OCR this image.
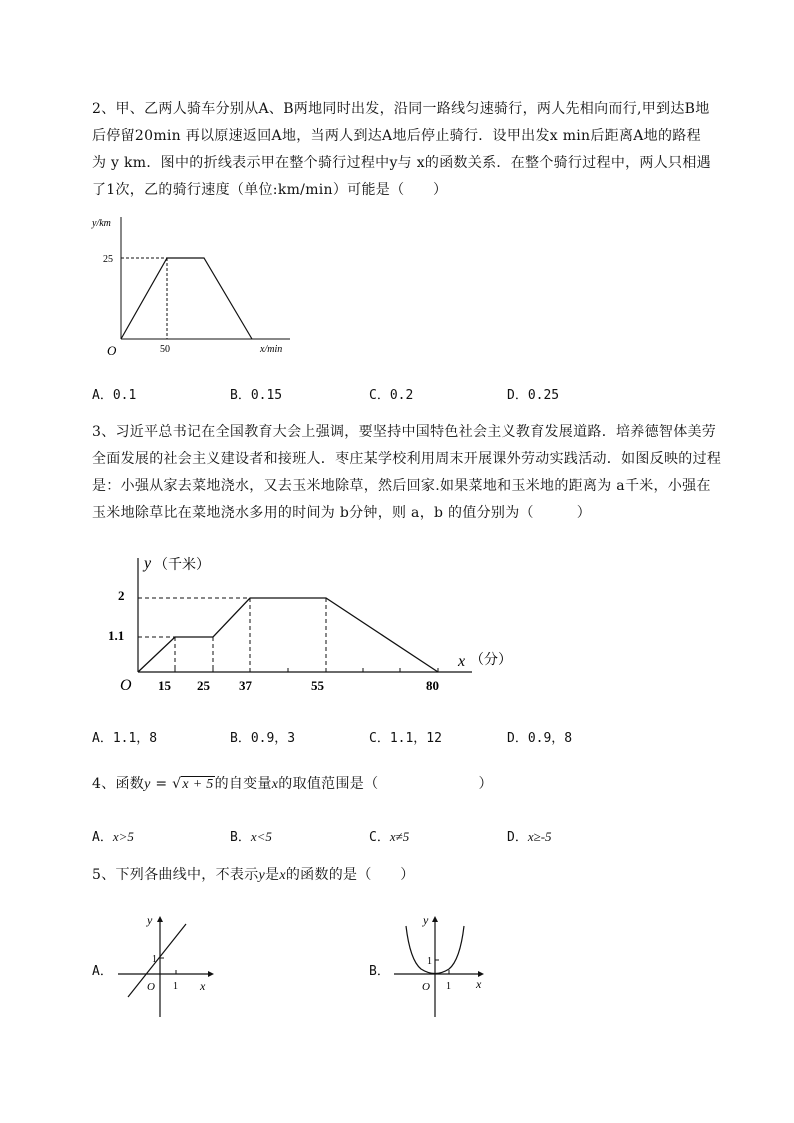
2、甲、乙两人骑车分别从A、B两地同时出发，沿同一路线匀速骑行，两人先相向而行,甲到达B地
后停留20min 再以原速返回A地，当两人到达A地后停止骑行．设甲出发x min后距离A地的路程
为 y km．图中的折线表示甲在整个骑行过程中y与 x的函数关系．在整个骑行过程中，两人只相遇
了1次，乙的骑行速度（单位:km/min）可能是（　　）
y/km
x/min
O
25
50
A．0.1	B．0.15	C．0.2	D．0.25
3、习近平总书记在全国教育大会上强调，要坚持中国特色社会主义教育发展道路．培养德智体美劳
全面发展的社会主义建设者和接班人．枣庄某学校利用周末开展课外劳动实践活动．如图反映的过程
是：小强从家去菜地浇水，又去玉米地除草，然后回家.如果菜地和玉米地的距离为 a千米，小强在
玉米地除草比在菜地浇水多用的时间为 b分钟，则 a，b 的值分别为（　　　）
y （千米）
x （分）
O
2
1.1
15 25 37	55	80
A．1.1，8	B．0.9，3	C．1.1，12	D．0.9，8
4、函数y = √x + 5的自变量x的取值范围是（　　　　　　　）
A．x>5	B．x<5	C．x≠5	D．x≥-5
5、下列各曲线中，不表示y是x的函数的是（　　）
A．	B．
x
y
O 1
1
x
y
O 1
1
